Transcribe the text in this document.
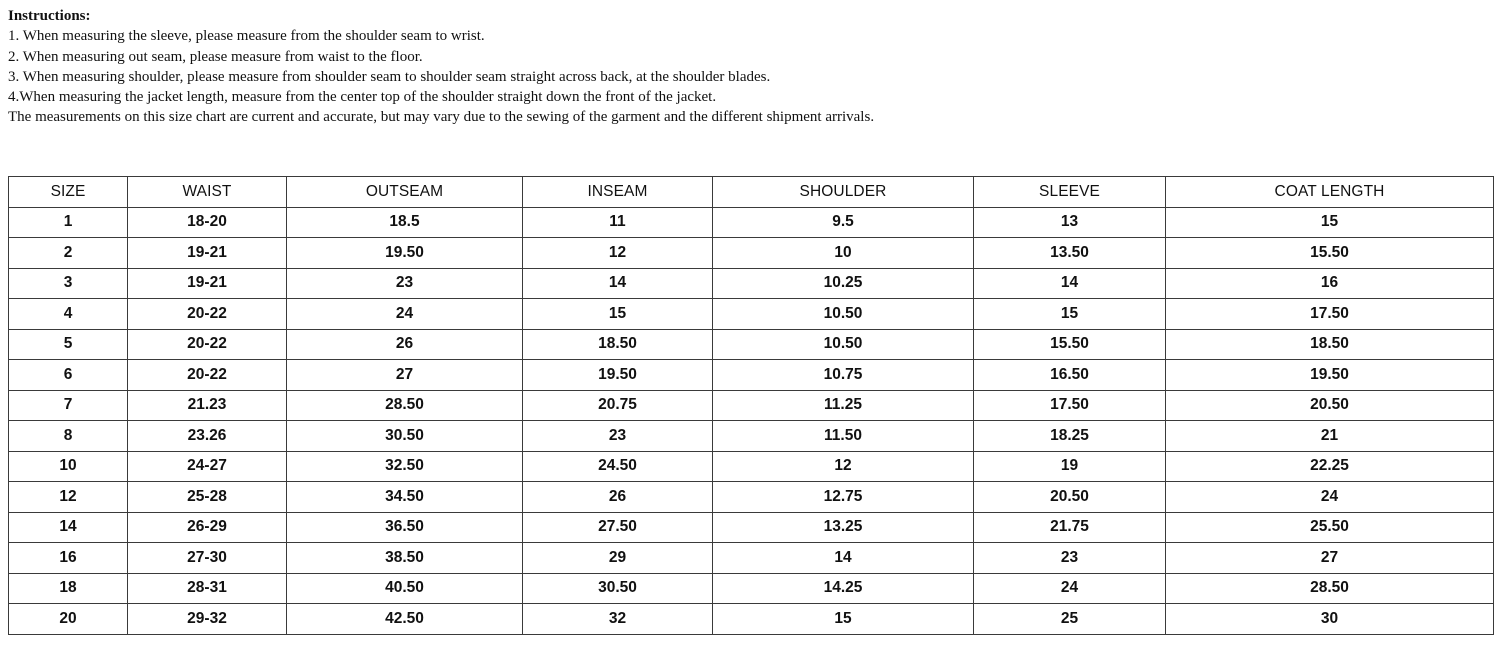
Instructions:
1. When measuring the sleeve, please measure from the shoulder seam to wrist.
2. When measuring out seam, please measure from waist to the floor.
3. When measuring shoulder, please measure from shoulder seam to shoulder seam straight across back, at the shoulder blades.
4.When measuring the jacket length, measure from the center top of the shoulder straight down the front of the jacket.
The measurements on this size chart are current and accurate, but may vary due to the sewing of the garment and the different shipment arrivals.
SIZE	WAIST	OUTSEAM	INSEAM	SHOULDER	SLEEVE	COAT LENGTH
1	18-20	18.5	11	9.5	13	15
2	19-21	19.50	12	10	13.50	15.50
3	19-21	23	14	10.25	14	16
4	20-22	24	15	10.50	15	17.50
5	20-22	26	18.50	10.50	15.50	18.50
6	20-22	27	19.50	10.75	16.50	19.50
7	21.23	28.50	20.75	11.25	17.50	20.50
8	23.26	30.50	23	11.50	18.25	21
10	24-27	32.50	24.50	12	19	22.25
12	25-28	34.50	26	12.75	20.50	24
14	26-29	36.50	27.50	13.25	21.75	25.50
16	27-30	38.50	29	14	23	27
18	28-31	40.50	30.50	14.25	24	28.50
20	29-32	42.50	32	15	25	30
